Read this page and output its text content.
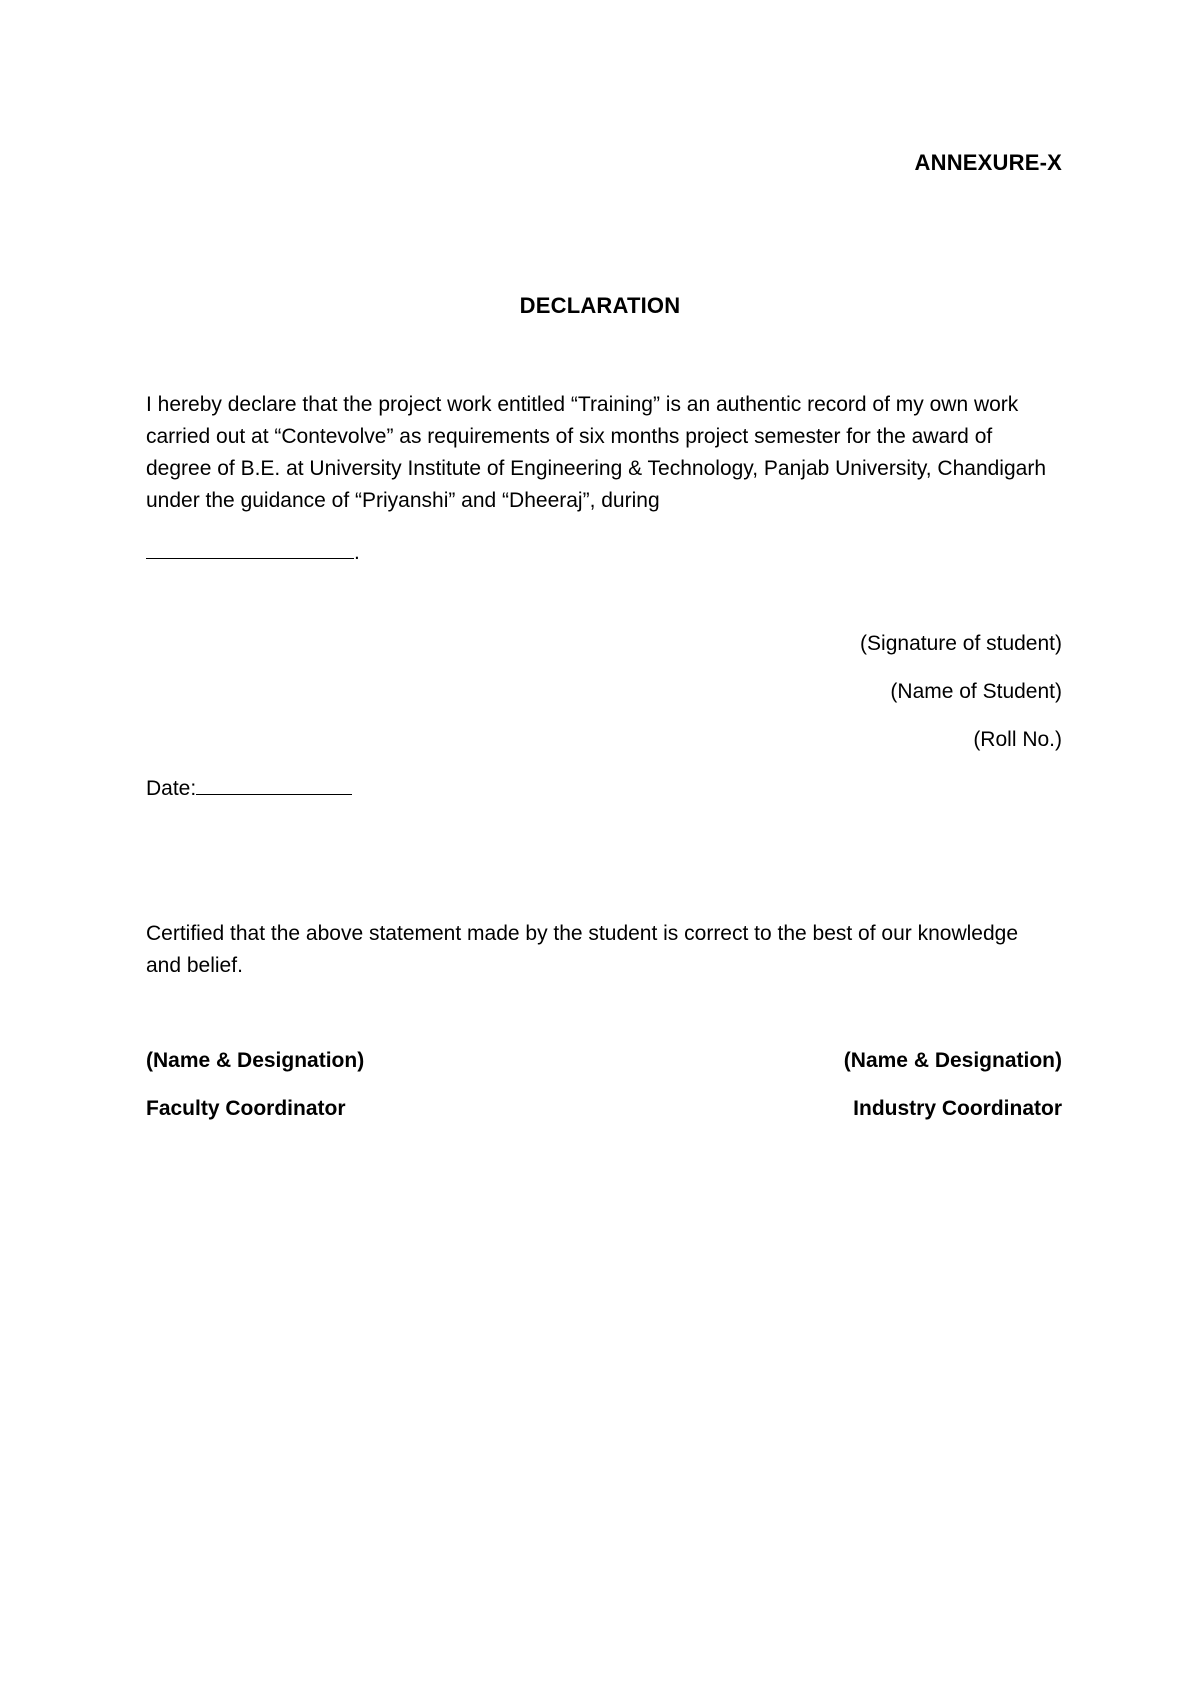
ANNEXURE-X
DECLARATION
I hereby declare that the project work entitled “Training” is an authentic record of my own work carried out at “Contevolve” as requirements of six months project semester for the award of degree of B.E. at University Institute of Engineering & Technology, Panjab University, Chandigarh under the guidance of “Priyanshi” and “Dheeraj”, during
.
(Signature of student)
(Name of Student)
(Roll No.)
Date:
Certified that the above statement made by the student is correct to the best of our knowledge and belief.
(Name & Designation)	(Name & Designation)
Faculty Coordinator	Industry Coordinator
